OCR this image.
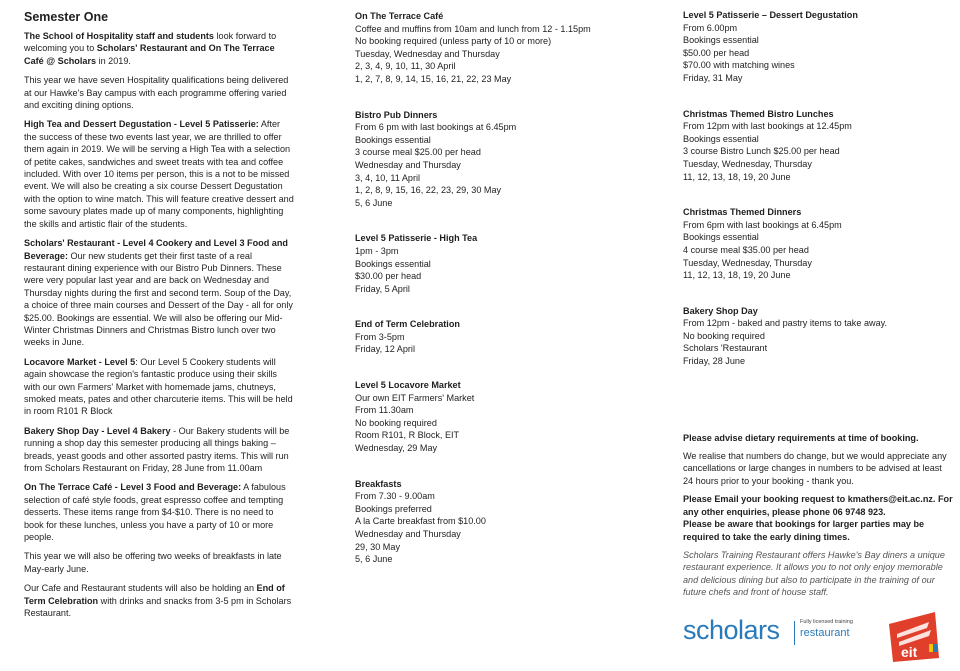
Semester One

The School of Hospitality staff and students look forward to welcoming you to Scholars' Restaurant and On The Terrace Café @ Scholars in 2019.

This year we have seven Hospitality qualifications being delivered at our Hawke's Bay campus with each programme offering varied and exciting dining options.

High Tea and Dessert Degustation - Level 5 Patisserie: After the success of these two events last year, we are thrilled to offer them again in 2019. We will be serving a High Tea with a selection of petite cakes, sandwiches and sweet treats with tea and coffee included. With over 10 items per person, this is a not to be missed event. We will also be creating a six course Dessert Degustation with the option to wine match. This will feature creative dessert and some savoury plates made up of many components, highlighting the skills and artistic flair of the students.

Scholars' Restaurant - Level 4 Cookery and Level 3 Food and Beverage: Our new students get their first taste of a real restaurant dining experience with our Bistro Pub Dinners. These were very popular last year and are back on Wednesday and Thursday nights during the first and second term. Soup of the Day, a choice of three main courses and Dessert of the Day - all for only $25.00. Bookings are essential. We will also be offering our Mid-Winter Christmas Dinners and Christmas Bistro lunch over two weeks in June.

Locavore Market - Level 5: Our Level 5 Cookery students will again showcase the region's fantastic produce using their skills with our own Farmers' Market with homemade jams, chutneys, smoked meats, pates and other charcuterie items. This will be held in room R101 R Block

Bakery Shop Day - Level 4 Bakery - Our Bakery students will be running a shop day this semester producing all things baking – breads, yeast goods and other assorted pastry items. This will run from Scholars Restaurant on Friday, 28 June from 11.00am

On The Terrace Café - Level 3 Food and Beverage: A fabulous selection of café style foods, great espresso coffee and tempting desserts. These items range from $4-$10. There is no need to book for these lunches, unless you have a party of 10 or more people.

This year we will also be offering two weeks of breakfasts in late May-early June.

Our Cafe and Restaurant students will also be holding an End of Term Celebration with drinks and snacks from 3-5 pm in Scholars Restaurant.

On The Terrace Café
Coffee and muffins from 10am and lunch from 12 - 1.15pm
No booking required (unless party of 10 or more)
Tuesday, Wednesday and Thursday
2, 3, 4, 9, 10, 11, 30 April
1, 2, 7, 8, 9, 14, 15, 16, 21, 22, 23 May
Bistro Pub Dinners
From 6 pm with last bookings at 6.45pm
Bookings essential
3 course meal $25.00 per head
Wednesday and Thursday
3, 4, 10, 11 April
1, 2, 8, 9, 15, 16, 22, 23, 29, 30 May
5, 6 June
Level 5 Patisserie - High Tea
1pm - 3pm
Bookings essential
$30.00 per head
Friday, 5 April
End of Term Celebration
From 3-5pm
Friday, 12 April
Level 5 Locavore Market
Our own EIT Farmers' Market
From 11.30am
No booking required
Room R101, R Block, EIT
Wednesday, 29 May
Breakfasts
From 7.30 - 9.00am
Bookings preferred
A la Carte breakfast from $10.00
Wednesday and Thursday
29, 30 May
5, 6 June
Level 5 Patisserie – Dessert Degustation
From 6.00pm
Bookings essential
$50.00 per head
$70.00 with matching wines
Friday, 31 May
Christmas Themed Bistro Lunches
From 12pm with last bookings at 12.45pm
Bookings essential
3 course Bistro Lunch $25.00 per head
Tuesday, Wednesday, Thursday
11, 12, 13, 18, 19, 20 June
Christmas Themed Dinners
From 6pm with last bookings at 6.45pm
Bookings essential
4 course meal $35.00 per head
Tuesday, Wednesday, Thursday
11, 12, 13, 18, 19, 20 June
Bakery Shop Day
From 12pm - baked and pastry items to take away.
No booking required
Scholars 'Restaurant
Friday, 28 June

Please advise dietary requirements at time of booking.

We realise that numbers do change, but we would appreciate any cancellations or large changes in numbers to be advised at least 24 hours prior to your booking - thank you.

Please Email your booking request to kmathers@eit.ac.nz. For any other enquiries, please phone 06 9748 923.

Please be aware that bookings for larger parties may be required to take the early dining times.

Scholars Training Restaurant offers Hawke's Bay diners a unique restaurant experience. It allows you to not only enjoy memorable and delicious dining but also to participate in the training of our future chefs and front of house staff.

scholars	Fully licensed training
restaurant
eit
